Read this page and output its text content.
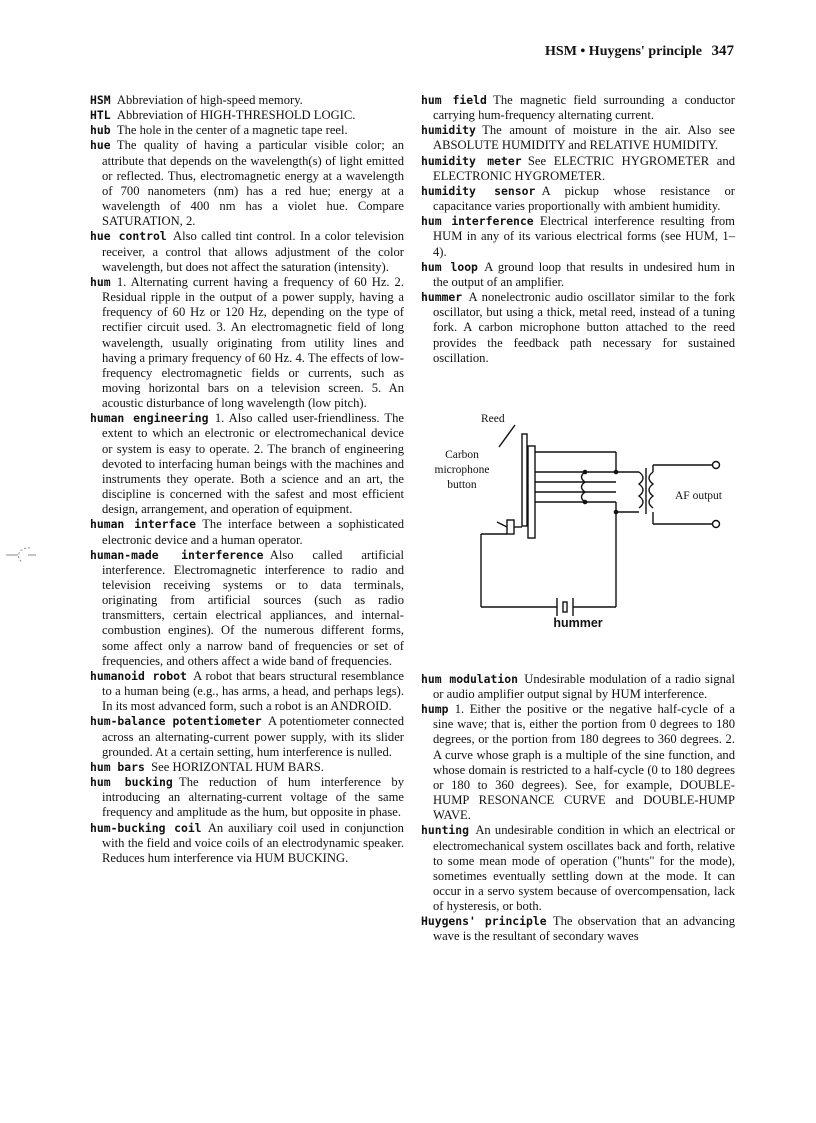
HSM • Huygens' principle 347
HSM  Abbreviation of high-speed memory.
HTL  Abbreviation of HIGH-THRESHOLD LOGIC.
hub  The hole in the center of a magnetic tape reel.
hue  The quality of having a particular visible color; an attribute that depends on the wavelength(s) of light emitted or reflected. Thus, electromagnetic energy at a wavelength of 700 nanometers (nm) has a red hue; energy at a wavelength of 400 nm has a violet hue. Compare SATURATION, 2.
hue control  Also called tint control. In a color television receiver, a control that allows adjustment of the color wavelength, but does not affect the saturation (intensity).
hum  1. Alternating current having a frequency of 60 Hz. 2. Residual ripple in the output of a power supply, having a frequency of 60 Hz or 120 Hz, depending on the type of rectifier circuit used. 3. An electromagnetic field of long wavelength, usually originating from utility lines and having a primary frequency of 60 Hz. 4. The effects of low-frequency electromagnetic fields or currents, such as moving horizontal bars on a television screen. 5. An acoustic disturbance of long wavelength (low pitch).
human engineering  1. Also called user-friendliness. The extent to which an electronic or electromechanical device or system is easy to operate. 2. The branch of engineering devoted to interfacing human beings with the machines and instruments they operate. Both a science and an art, the discipline is concerned with the safest and most efficient design, arrangement, and operation of equipment.
human interface  The interface between a sophisticated electronic device and a human operator.
human-made interference  Also called artificial interference. Electromagnetic interference to radio and television receiving systems or to data terminals, originating from artificial sources (such as radio transmitters, certain electrical appliances, and internal-combustion engines). Of the numerous different forms, some affect only a narrow band of frequencies or set of frequencies, and others affect a wide band of frequencies.
humanoid robot  A robot that bears structural resemblance to a human being (e.g., has arms, a head, and perhaps legs). In its most advanced form, such a robot is an ANDROID.
hum-balance potentiometer  A potentiometer connected across an alternating-current power supply, with its slider grounded. At a certain setting, hum interference is nulled.
hum bars  See HORIZONTAL HUM BARS.
hum bucking  The reduction of hum interference by introducing an alternating-current voltage of the same frequency and amplitude as the hum, but opposite in phase.
hum-bucking coil  An auxiliary coil used in conjunction with the field and voice coils of an electrodynamic speaker. Reduces hum interference via HUM BUCKING.
hum field  The magnetic field surrounding a conductor carrying hum-frequency alternating current.
humidity  The amount of moisture in the air. Also see ABSOLUTE HUMIDITY and RELATIVE HUMIDITY.
humidity meter  See ELECTRIC HYGROMETER and ELECTRONIC HYGROMETER.
humidity sensor  A pickup whose resistance or capacitance varies proportionally with ambient humidity.
hum interference  Electrical interference resulting from HUM in any of its various electrical forms (see HUM, 1–4).
hum loop  A ground loop that results in undesired hum in the output of an amplifier.
hummer  A nonelectronic audio oscillator similar to the fork oscillator, but using a thick, metal reed, instead of a tuning fork. A carbon microphone button attached to the reed provides the feedback path necessary for sustained oscillation.
Reed
Carbon
microphone
button
AF output
hummer
hum modulation  Undesirable modulation of a radio signal or audio amplifier output signal by HUM interference.
hump  1. Either the positive or the negative half-cycle of a sine wave; that is, either the portion from 0 degrees to 180 degrees, or the portion from 180 degrees to 360 degrees. 2. A curve whose graph is a multiple of the sine function, and whose domain is restricted to a half-cycle (0 to 180 degrees or 180 to 360 degrees). See, for example, DOUBLE-HUMP RESONANCE CURVE and DOUBLE-HUMP WAVE.
hunting  An undesirable condition in which an electrical or electromechanical system oscillates back and forth, relative to some mean mode of operation ("hunts" for the mode), sometimes eventually settling down at the mode. It can occur in a servo system because of overcompensation, lack of hysteresis, or both.
Huygens' principle  The observation that an advancing wave is the resultant of secondary waves
